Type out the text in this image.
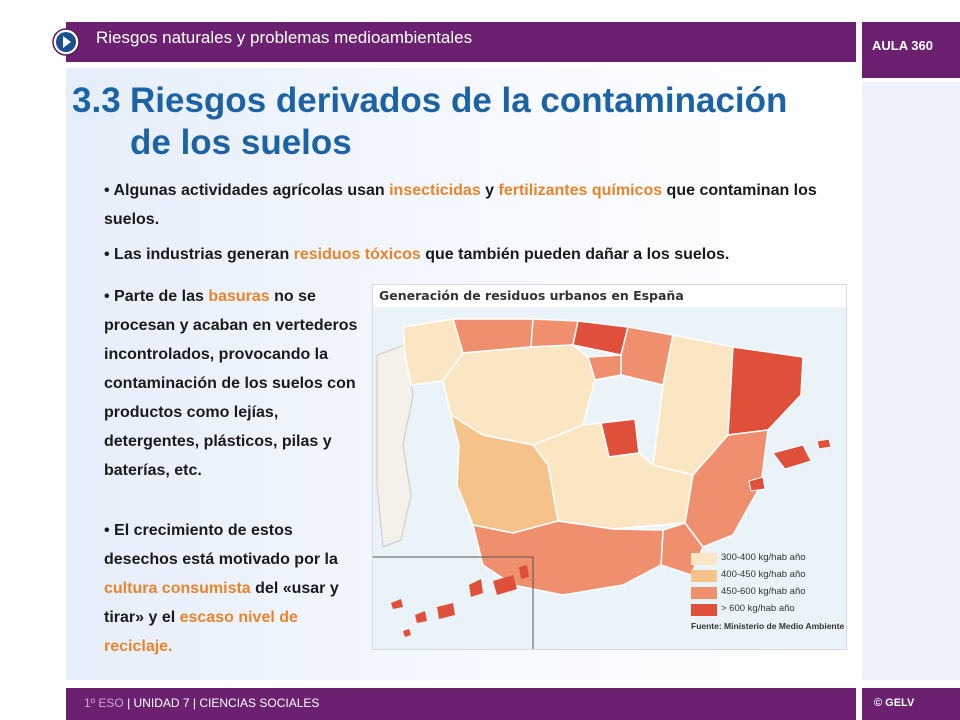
Riesgos naturales y problemas medioambientales	AULA 360
3.3 Riesgos derivados de la contaminación
de los suelos
• Algunas actividades agrícolas usan insecticidas y fertilizantes químicos que contaminan los suelos.
• Las industrias generan residuos tóxicos que también pueden dañar a los suelos.
• Parte de las basuras no se procesan y acaban en vertederos incontrolados, provocando la contaminación de los suelos con productos como lejías, detergentes, plásticos, pilas y baterías, etc.
• El crecimiento de estos desechos está motivado por la cultura consumista del «usar y tirar» y el escaso nivel de reciclaje.
Generación de residuos urbanos en España
300-400 kg/hab año
400-450 kg/hab año
450-600 kg/hab año
> 600 kg/hab año
Fuente: Ministerio de Medio Ambiente
1º ESO | UNIDAD 7 | CIENCIAS SOCIALES	© GELV
